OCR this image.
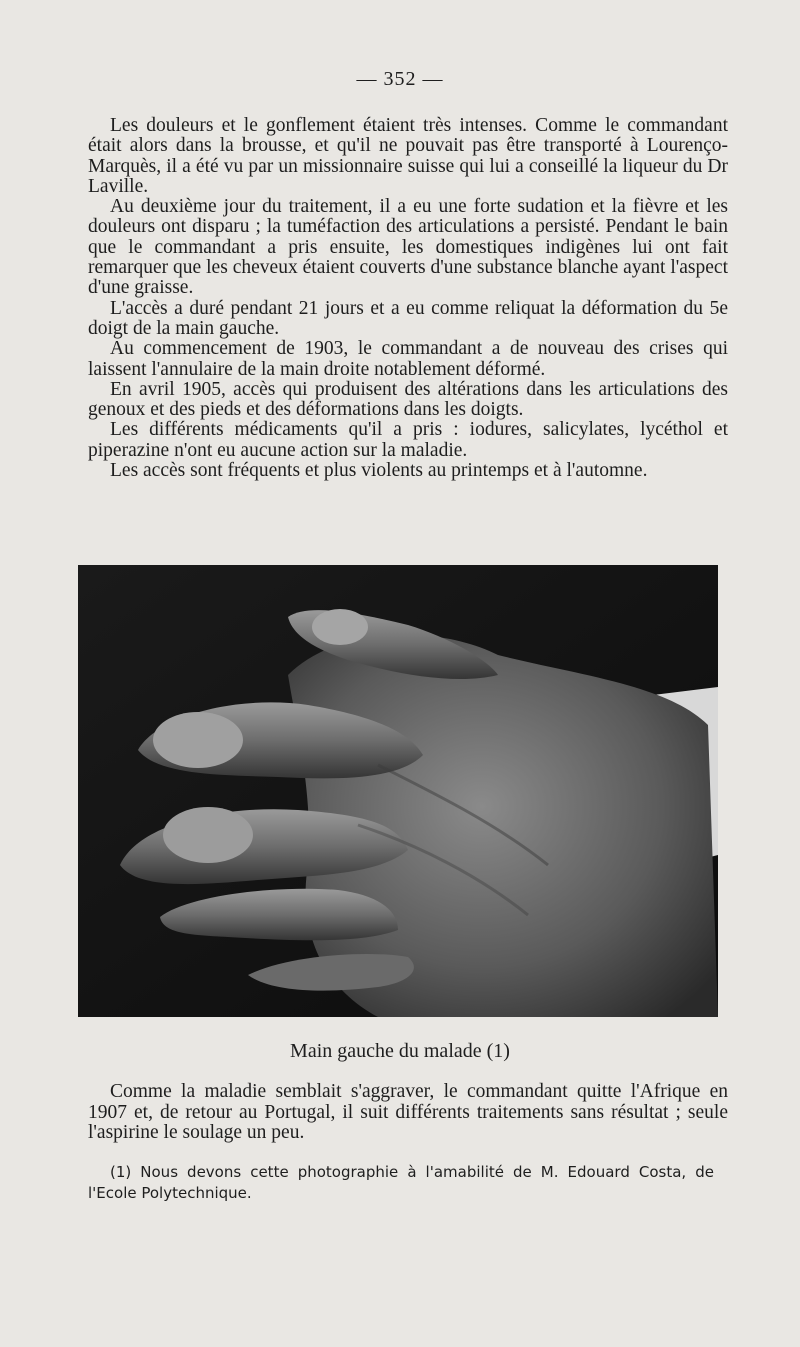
— 352 —

Les douleurs et le gonflement étaient très intenses. Comme le commandant était alors dans la brousse, et qu'il ne pouvait pas être transporté à Lourenço-Marquès, il a été vu par un missionnaire suisse qui lui a conseillé la liqueur du Dr Laville.

Au deuxième jour du traitement, il a eu une forte sudation et la fièvre et les douleurs ont disparu ; la tuméfaction des articulations a persisté. Pendant le bain que le commandant a pris ensuite, les domestiques indigènes lui ont fait remarquer que les cheveux étaient couverts d'une substance blanche ayant l'aspect d'une graisse.

L'accès a duré pendant 21 jours et a eu comme reliquat la déformation du 5e doigt de la main gauche.

Au commencement de 1903, le commandant a de nouveau des crises qui laissent l'annulaire de la main droite notablement déformé.

En avril 1905, accès qui produisent des altérations dans les articulations des genoux et des pieds et des déformations dans les doigts.

Les différents médicaments qu'il a pris : iodures, salicylates, lycéthol et piperazine n'ont eu aucune action sur la maladie.

Les accès sont fréquents et plus violents au printemps et à l'automne.

Main gauche du malade (1)

Comme la maladie semblait s'aggraver, le commandant quitte l'Afrique en 1907 et, de retour au Portugal, il suit différents traitements sans résultat ; seule l'aspirine le soulage un peu.

(1) Nous devons cette photographie à l'amabilité de M. Edouard Costa, de l'Ecole Polytechnique.
